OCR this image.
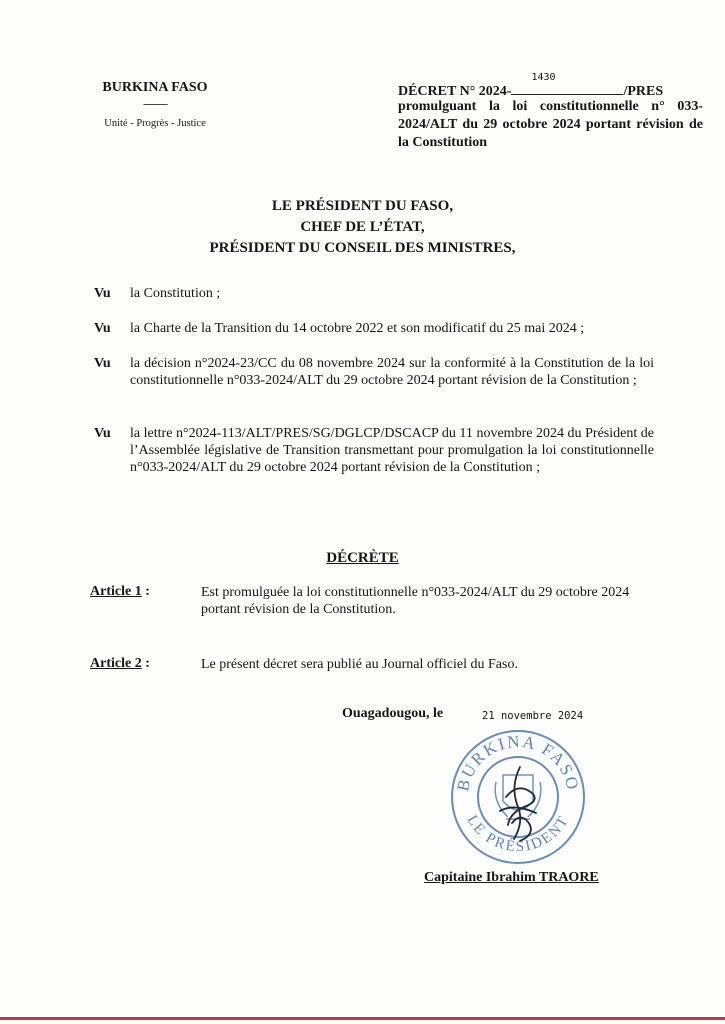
BURKINA FASO
---------
Unité - Progrès - Justice
DÉCRET N° 2024-
1430
/PRES
promulguant la loi constitutionnelle n° 033-2024/ALT du 29 octobre 2024 portant révision de la Constitution
LE PRÉSIDENT DU FASO,
CHEF DE L’ÉTAT,
PRÉSIDENT DU CONSEIL DES MINISTRES,
Vu la Constitution ;
Vu la Charte de la Transition du 14 octobre 2022 et son modificatif du 25 mai 2024 ;
Vu la décision n°2024-23/CC du 08 novembre 2024 sur la conformité à la Constitution de la loi constitutionnelle n°033-2024/ALT du 29 octobre 2024 portant révision de la Constitution ;
Vu la lettre n°2024-113/ALT/PRES/SG/DGLCP/DSCACP du 11 novembre 2024 du Président de l’Assemblée législative de Transition transmettant pour promulgation la loi constitutionnelle n°033-2024/ALT du 29 octobre 2024 portant révision de la Constitution ;
DÉCRÈTE
Article 1 :	Est promulguée la loi constitutionnelle n°033-2024/ALT du 29 octobre 2024 portant révision de la Constitution.
Article 2 :	Le présent décret sera publié au Journal officiel du Faso.
Ouagadougou, le	21 novembre 2024
BURKINA FASO
LE PRÉSIDENT
Capitaine Ibrahim TRAORE
